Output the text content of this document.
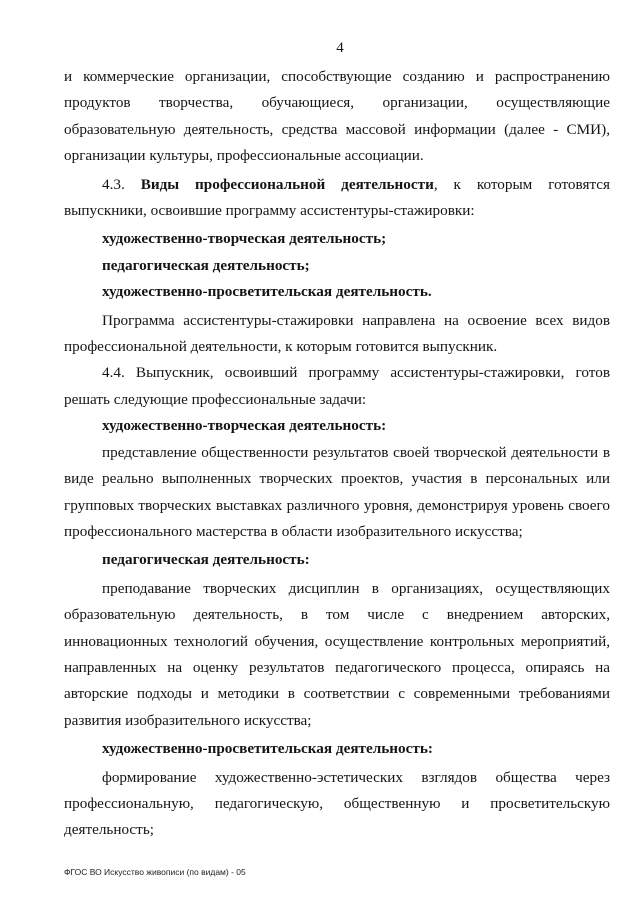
4

и коммерческие организации, способствующие созданию и распространению продуктов творчества, обучающиеся, организации, осуществляющие образовательную деятельность, средства массовой информации (далее - СМИ), организации культуры, профессиональные ассоциации.

4.3. Виды профессиональной деятельности, к которым готовятся выпускники, освоившие программу ассистентуры-стажировки:

художественно-творческая деятельность;

педагогическая деятельность;

художественно-просветительская деятельность.

Программа ассистентуры-стажировки направлена на освоение всех видов профессиональной деятельности, к которым готовится выпускник.

4.4. Выпускник, освоивший программу ассистентуры-стажировки, готов решать следующие профессиональные задачи:

художественно-творческая деятельность:

представление общественности результатов своей творческой деятельности в виде реально выполненных творческих проектов, участия в персональных или групповых творческих выставках различного уровня, демонстрируя уровень своего профессионального мастерства в области изобразительного искусства;

педагогическая деятельность:

преподавание творческих дисциплин в организациях, осуществляющих образовательную деятельность, в том числе с внедрением авторских, инновационных технологий обучения, осуществление контрольных мероприятий, направленных на оценку результатов педагогического процесса, опираясь на авторские подходы и методики в соответствии с современными требованиями развития изобразительного искусства;

художественно-просветительская деятельность:

формирование художественно-эстетических взглядов общества через профессиональную, педагогическую, общественную и просветительскую деятельность;

ФГОС ВО Искусство живописи (по видам) - 05
